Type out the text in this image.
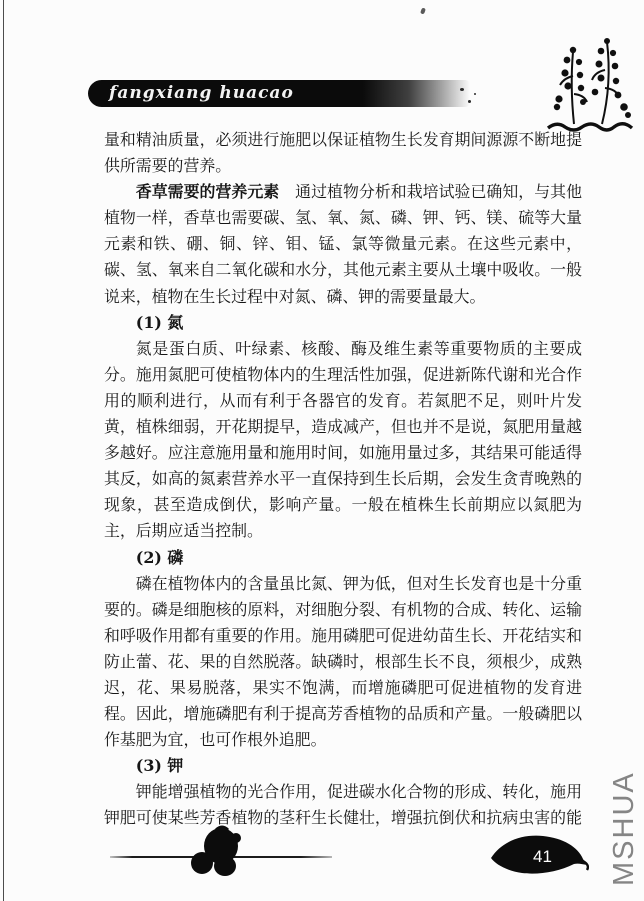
fangxiang huacao
量和精油质量，必须进行施肥以保证植物生长发育期间源源不断地提
供所需要的营养。
香草需要的营养元素　通过植物分析和栽培试验已确知，与其他
植物一样，香草也需要碳、氢、氧、氮、磷、钾、钙、镁、硫等大量
元素和铁、硼、铜、锌、钼、锰、氯等微量元素。在这些元素中，
碳、氢、氧来自二氧化碳和水分，其他元素主要从土壤中吸收。一般
说来，植物在生长过程中对氮、磷、钾的需要量最大。
(1) 氮
氮是蛋白质、叶绿素、核酸、酶及维生素等重要物质的主要成
分。施用氮肥可使植物体内的生理活性加强，促进新陈代谢和光合作
用的顺利进行，从而有利于各器官的发育。若氮肥不足，则叶片发
黄，植株细弱，开花期提早，造成减产，但也并不是说，氮肥用量越
多越好。应注意施用量和施用时间，如施用量过多，其结果可能适得
其反，如高的氮素营养水平一直保持到生长后期，会发生贪青晚熟的
现象，甚至造成倒伏，影响产量。一般在植株生长前期应以氮肥为
主，后期应适当控制。
(2) 磷
磷在植物体内的含量虽比氮、钾为低，但对生长发育也是十分重
要的。磷是细胞核的原料，对细胞分裂、有机物的合成、转化、运输
和呼吸作用都有重要的作用。施用磷肥可促进幼苗生长、开花结实和
防止蕾、花、果的自然脱落。缺磷时，根部生长不良，须根少，成熟
迟，花、果易脱落，果实不饱满，而增施磷肥可促进植物的发育进
程。因此，增施磷肥有利于提高芳香植物的品质和产量。一般磷肥以
作基肥为宜，也可作根外追肥。
(3) 钾
钾能增强植物的光合作用，促进碳水化合物的形成、转化，施用
钾肥可使某些芳香植物的茎秆生长健壮，增强抗倒伏和抗病虫害的能
41 MSHUA
